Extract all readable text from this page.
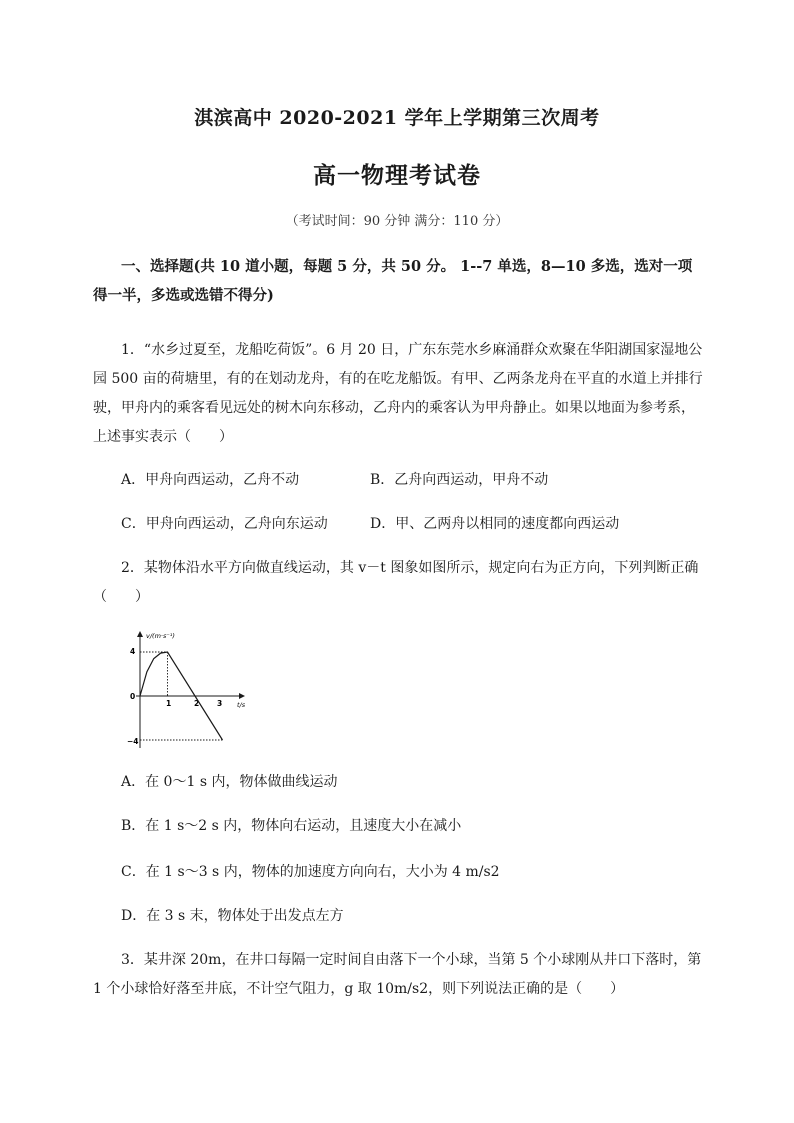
淇滨高中 2020-2021 学年上学期第三次周考
高一物理考试卷
（考试时间：90 分钟 满分：110 分）

一、选择题(共 10 道小题，每题 5 分，共 50 分。 1--7 单选，8—10 多选，选对一项得一半，多选或选错不得分)

1．“水乡过夏至，龙船吃荷饭”。6 月 20 日，广东东莞水乡麻涌群众欢聚在华阳湖国家湿地公园 500 亩的荷塘里，有的在划动龙舟，有的在吃龙船饭。有甲、乙两条龙舟在平直的水道上并排行驶，甲舟内的乘客看见远处的树木向东移动，乙舟内的乘客认为甲舟静止。如果以地面为参考系，上述事实表示（　　）

A．甲舟向西运动，乙舟不动	B．乙舟向西运动，甲舟不动
C．甲舟向西运动，乙舟向东运动	D．甲、乙两舟以相同的速度都向西运动

2．某物体沿水平方向做直线运动，其 v－t 图象如图所示，规定向右为正方向，下列判断正确（　　）

v/(m·s⁻¹)
t/s
4
0
−4
1	2 3
A．在 0～1 s 内，物体做曲线运动
B．在 1 s～2 s 内，物体向右运动，且速度大小在减小
C．在 1 s～3 s 内，物体的加速度方向向右，大小为 4 m/s2
D．在 3 s 末，物体处于出发点左方

3．某井深 20m，在井口每隔一定时间自由落下一个小球，当第 5 个小球刚从井口下落时，第 1 个小球恰好落至井底，不计空气阻力，g 取 10m/s2，则下列说法正确的是（　　）
